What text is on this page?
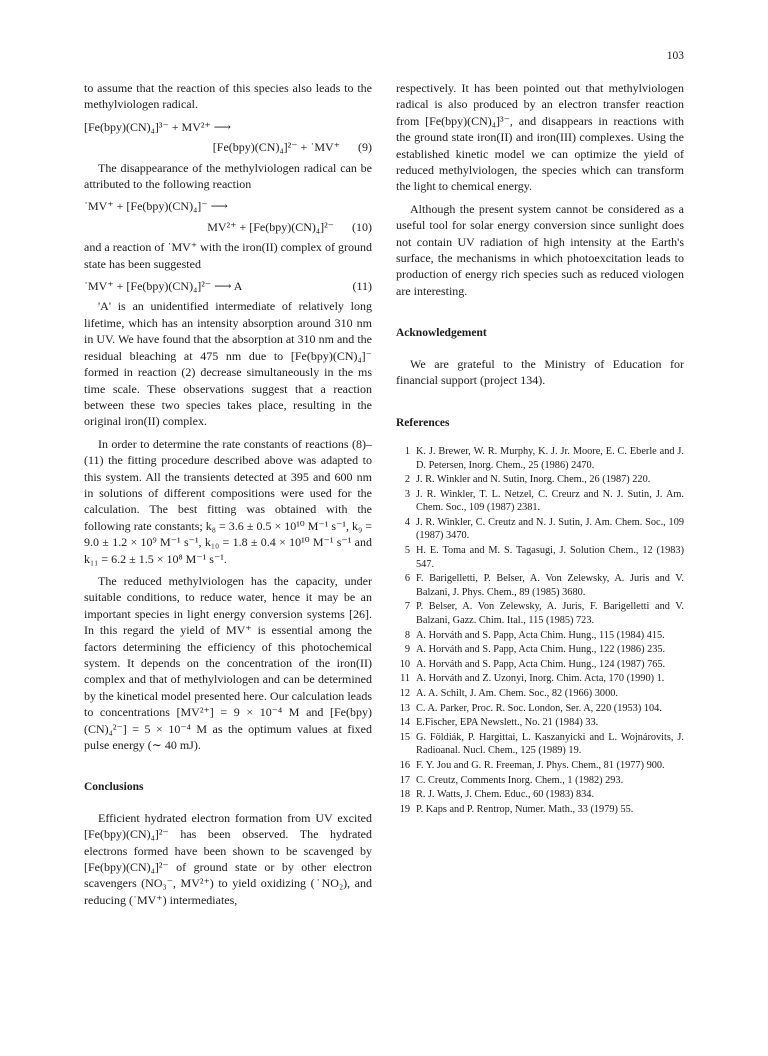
103

to assume that the reaction of this species also leads to the methylviologen radical.

[Fe(bpy)(CN)₄]³⁻ + MV²⁺ ⟶
[Fe(bpy)(CN)₄]²⁻ + ˙MV⁺ (9)

The disappearance of the methylviologen radical can be attributed to the following reaction

˙MV⁺ + [Fe(bpy)(CN)₄]⁻ ⟶
MV²⁺ + [Fe(bpy)(CN)₄]²⁻ (10)

and a reaction of ˙MV⁺ with the iron(II) complex of ground state has been suggested

˙MV⁺ + [Fe(bpy)(CN)₄]²⁻ ⟶ A	(11)

'A' is an unidentified intermediate of relatively long lifetime, which has an intensity absorption around 310 nm in UV. We have found that the absorption at 310 nm and the residual bleaching at 475 nm due to [Fe(bpy)(CN)₄]⁻ formed in reaction (2) decrease simultaneously in the ms time scale. These observations suggest that a reaction between these two species takes place, resulting in the original iron(II) complex.

In order to determine the rate constants of reactions (8)–(11) the fitting procedure described above was adapted to this system. All the transients detected at 395 and 600 nm in solutions of different compositions were used for the calculation. The best fitting was obtained with the following rate constants; k₈ = 3.6 ± 0.5 × 10¹⁰ M⁻¹ s⁻¹, k₉ = 9.0 ± 1.2 × 10⁹ M⁻¹ s⁻¹, k₁₀ = 1.8 ± 0.4 × 10¹⁰ M⁻¹ s⁻¹ and k₁₁ = 6.2 ± 1.5 × 10⁸ M⁻¹ s⁻¹.

The reduced methylviologen has the capacity, under suitable conditions, to reduce water, hence it may be an important species in light energy conversion systems [26]. In this regard the yield of MV⁺ is essential among the factors determining the efficiency of this photochemical system. It depends on the concentration of the iron(II) complex and that of methylviologen and can be determined by the kinetical model presented here. Our calculation leads to concentrations [MV²⁺] = 9 × 10⁻⁴ M and [Fe(bpy)(CN)₄²⁻] = 5 × 10⁻⁴ M as the optimum values at fixed pulse energy (∼ 40 mJ).

Conclusions

Efficient hydrated electron formation from UV excited [Fe(bpy)(CN)₄]²⁻ has been observed. The hydrated electrons formed have been shown to be scavenged by [Fe(bpy)(CN)₄]²⁻ of ground state or by other electron scavengers (NO₃⁻, MV²⁺) to yield oxidizing (˙NO₂), and reducing (˙MV⁺) intermediates,

respectively. It has been pointed out that methylviologen radical is also produced by an electron transfer reaction from [Fe(bpy)(CN)₄]³⁻, and disappears in reactions with the ground state iron(II) and iron(III) complexes. Using the established kinetic model we can optimize the yield of reduced methylviologen, the species which can transform the light to chemical energy.

Although the present system cannot be considered as a useful tool for solar energy conversion since sunlight does not contain UV radiation of high intensity at the Earth's surface, the mechanisms in which photoexcitation leads to production of energy rich species such as reduced viologen are interesting.

Acknowledgement

We are grateful to the Ministry of Education for financial support (project 134).

References
1 K. J. Brewer, W. R. Murphy, K. J. Jr. Moore, E. C. Eberle and J. D. Petersen, Inorg. Chem., 25 (1986) 2470.
2 J. R. Winkler and N. Sutin, Inorg. Chem., 26 (1987) 220.
3 J. R. Winkler, T. L. Netzel, C. Creurz and N. J. Sutin, J. Am. Chem. Soc., 109 (1987) 2381.
4 J. R. Winkler, C. Creutz and N. J. Sutin, J. Am. Chem. Soc., 109 (1987) 3470.
5 H. E. Toma and M. S. Tagasugi, J. Solution Chem., 12 (1983) 547.
6 F. Barigelletti, P. Belser, A. Von Zelewsky, A. Juris and V. Balzani, J. Phys. Chem., 89 (1985) 3680.
7 P. Belser, A. Von Zelewsky, A. Juris, F. Barigelletti and V. Balzani, Gazz. Chim. Ital., 115 (1985) 723.
8 A. Horváth and S. Papp, Acta Chim. Hung., 115 (1984) 415.
9 A. Horváth and S. Papp, Acta Chim. Hung., 122 (1986) 235.
10 A. Horváth and S. Papp, Acta Chim. Hung., 124 (1987) 765.
11 A. Horváth and Z. Uzonyi, Inorg. Chim. Acta, 170 (1990) 1.
12 A. A. Schilt, J. Am. Chem. Soc., 82 (1966) 3000.
13 C. A. Parker, Proc. R. Soc. London, Ser. A, 220 (1953) 104.
14 E.Fischer, EPA Newslett., No. 21 (1984) 33.
15 G. Földiák, P. Hargittai, L. Kaszanyicki and L. Wojnárovits, J. Radioanal. Nucl. Chem., 125 (1989) 19.
16 F. Y. Jou and G. R. Freeman, J. Phys. Chem., 81 (1977) 900.
17 C. Creutz, Comments Inorg. Chem., 1 (1982) 293.
18 R. J. Watts, J. Chem. Educ., 60 (1983) 834.
19 P. Kaps and P. Rentrop, Numer. Math., 33 (1979) 55.
